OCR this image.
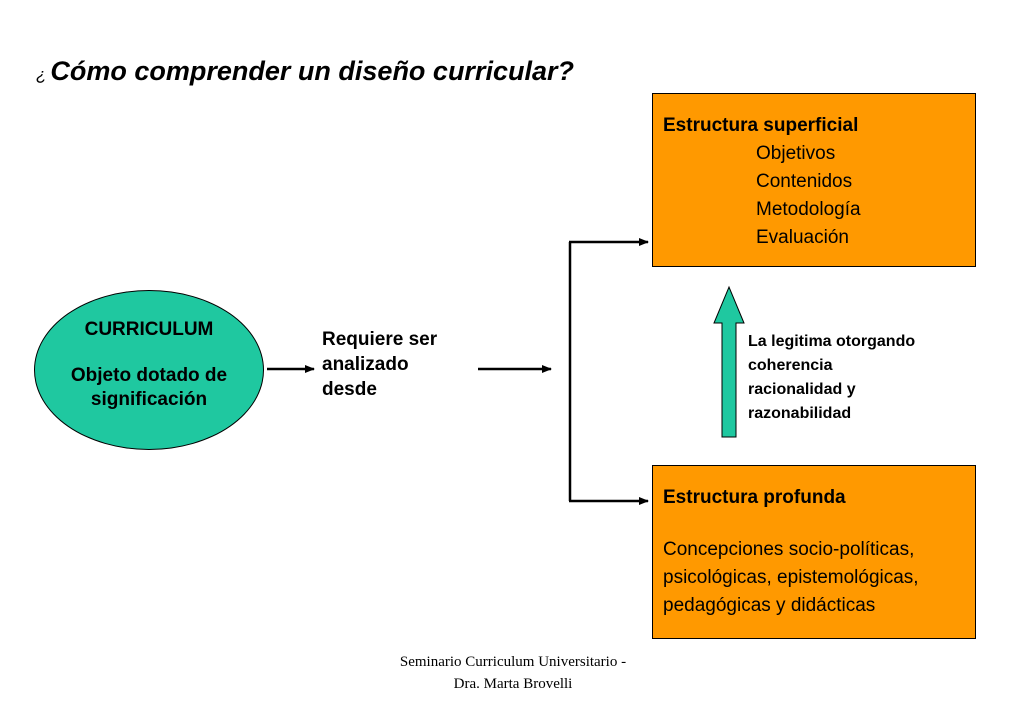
¿ Cómo comprender un diseño curricular?
CURRICULUM
Objeto dotado de
significación
Requiere ser
analizado
desde
Estructura superficial
Objetivos
Contenidos
Metodología
Evaluación
La legitima otorgando
coherencia
racionalidad y
razonabilidad
Estructura profunda
Concepciones socio-políticas,
psicológicas, epistemológicas,
pedagógicas y didácticas
Seminario Curriculum Universitario -
Dra. Marta Brovelli
